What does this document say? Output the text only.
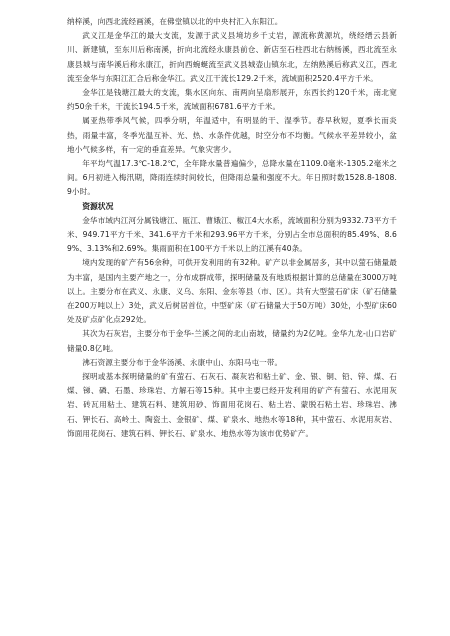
纳梓溪，向西北流经画溪，在佛堂镇以北的中央村汇入东阳江。

武义江是金华江的最大支流，发源于武义县境坊乡千丈岩，源流称黄源坑，绕经缙云县新川、新建镇，至东川后称南溪，折向北流经永康县前仓、新店至石柱西北右纳杨溪，西北流至永康县城与南华溪后称永康江，折向西蜿蜒流至武义县城壶山镇东北，左纳熟溪后称武义江，西北流至金华与东阳江汇合后称金华江。武义江干流长129.2千米，流域面积2520.4平方千米。

金华江是钱塘江最大的支流，集水区向东、南两向呈扇形展开，东西长约120千米，南北宽约50余千米，干流长194.5千米，流域面积6781.6平方千米。

属亚热带季风气候，四季分明，年温适中，有明显的干、湿季节。春早秋短，夏季长而炎热，雨量丰富，冬季光温互补、光、热、水条件优越，时空分布不均衡。气候水平差异较小，盆地小气候多样，有一定的垂直差异。气象灾害少。

年平均气温17.3℃-18.2℃，全年降水量普遍偏少，总降水量在1109.0毫米-1305.2毫米之间。6月初进入梅汛期，降雨连续时间较长，但降雨总量和强度不大。年日照时数1528.8-1808.9小时。

资源状况

金华市域内江河分属钱塘江、瓯江、曹娥江、椒江4大水系，流域面积分别为9332.73平方千米、949.71平方千米、341.6平方千米和293.96平方千米，分别占全市总面积的85.49%、8.69%、3.13%和2.69%。集雨面积在100平方千米以上的江溪有40条。

境内发现的矿产有56余种，可供开发利用的有32种。矿产以非金属居多，其中以萤石储量最为丰富，是国内主要产地之一，分布成群成带，探明储量及有地质根据计算的总储量在3000万吨以上。主要分布在武义、永康、义乌、东阳、金东等县（市、区）。共有大型萤石矿床（矿石储量在200万吨以上）3处，武义后树居首位，中型矿床（矿石储量大于50万吨）30处，小型矿床60处及矿点矿化点292处。

其次为石灰岩，主要分布于金华-兰溪之间的北山南坡，储量约为2亿吨。金华九龙-山口岩矿储量0.8亿吨。

沸石资源主要分布于金华汤溪、永康中山、东阳马屯一带。

探明或基本探明储量的矿有萤石、石灰石、凝灰岩和粘土矿、金、银、铜、铅、锌、煤、石煤、锑、磷、石墨、珍珠岩、方解石等15种。其中主要已经开发利用的矿产有萤石、水泥用灰岩、砖瓦用粘土、建筑石料、建筑用砂、饰面用花岗石、粘土岩、蒙脱石粘土岩、珍珠岩、沸石、钾长石、高岭土、陶瓷土、金银矿、煤、矿泉水、地热水等18种，其中萤石、水泥用灰岩、饰面用花岗石、建筑石料、钾长石、矿泉水、地热水等为该市优势矿产。
